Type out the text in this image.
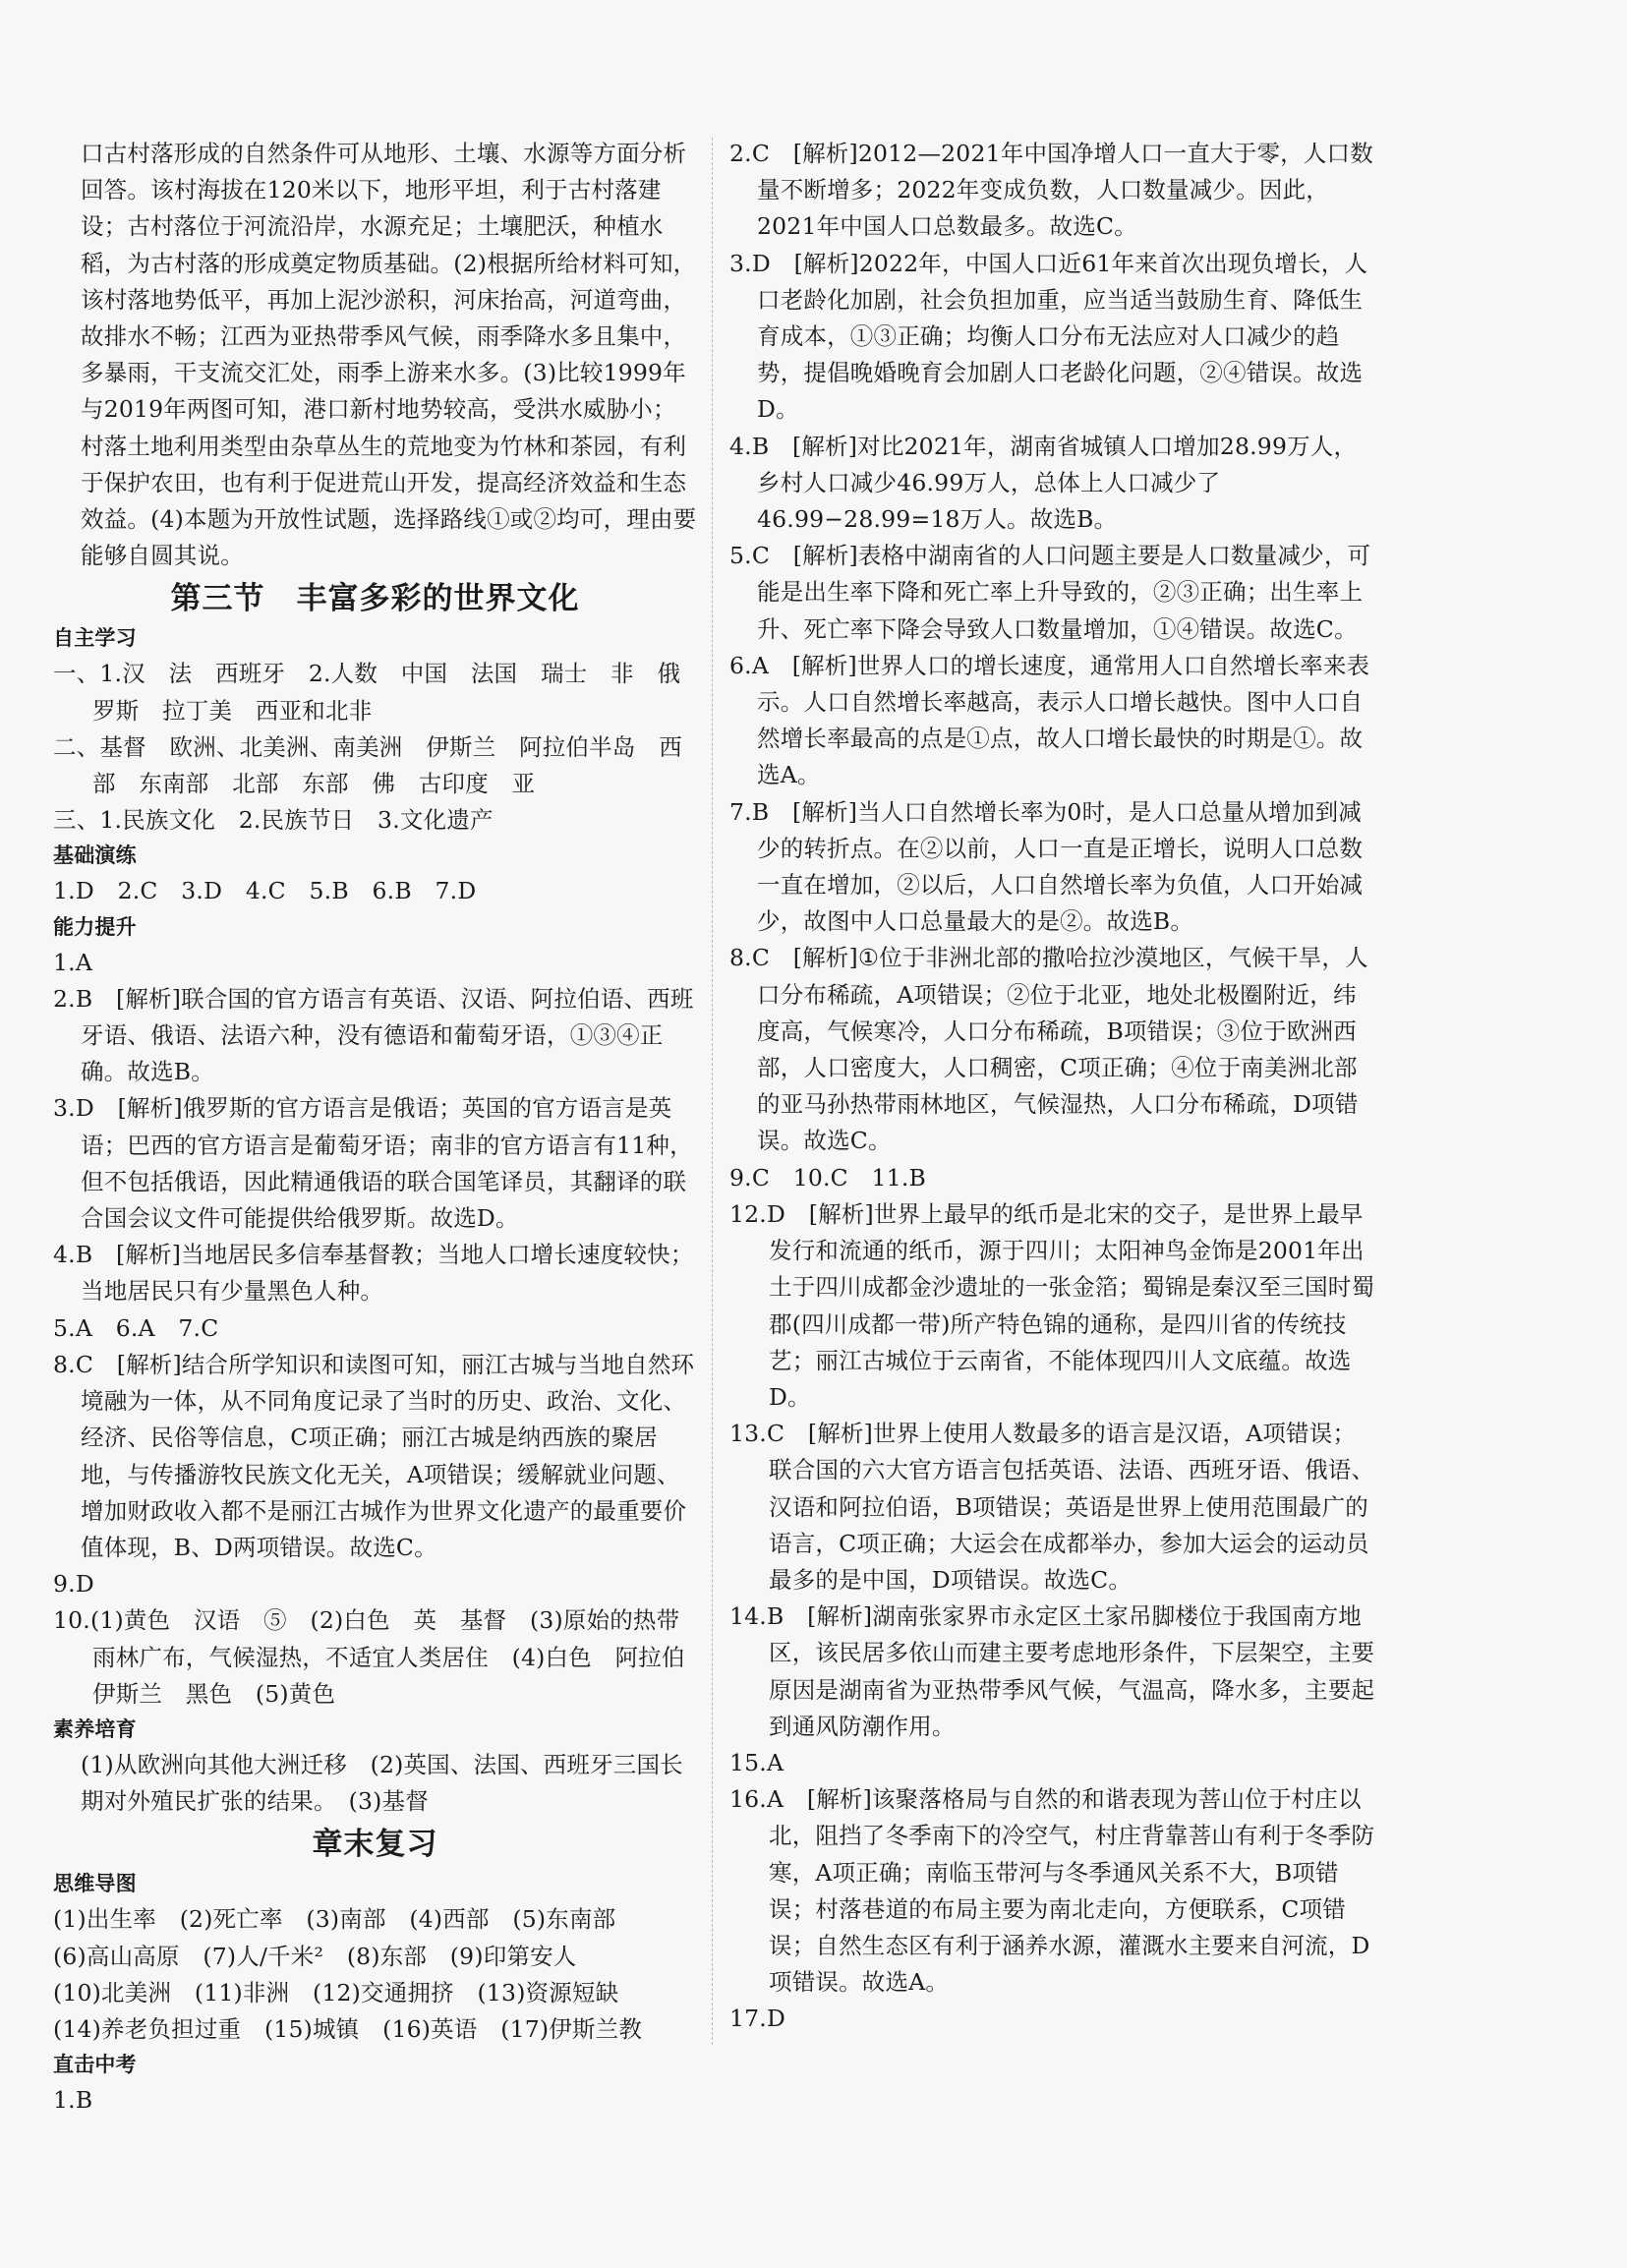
口古村落形成的自然条件可从地形、土壤、水源等方面分析回答。该村海拔在120米以下，地形平坦，利于古村落建设；古村落位于河流沿岸，水源充足；土壤肥沃，种植水稻，为古村落的形成奠定物质基础。(2)根据所给材料可知，该村落地势低平，再加上泥沙淤积，河床抬高，河道弯曲，故排水不畅；江西为亚热带季风气候，雨季降水多且集中，多暴雨，干支流交汇处，雨季上游来水多。(3)比较1999年与2019年两图可知，港口新村地势较高，受洪水威胁小；村落土地利用类型由杂草丛生的荒地变为竹林和茶园，有利于保护农田，也有利于促进荒山开发，提高经济效益和生态效益。(4)本题为开放性试题，选择路线①或②均可，理由要能够自圆其说。

第三节　丰富多彩的世界文化

自主学习

一、1.汉　法　西班牙　2.人数　中国　法国　瑞士　非　俄罗斯　拉丁美　西亚和北非

二、基督　欧洲、北美洲、南美洲　伊斯兰　阿拉伯半岛　西部　东南部　北部　东部　佛　古印度　亚

三、1.民族文化　2.民族节日　3.文化遗产

基础演练

1.D　2.C　3.D　4.C　5.B　6.B　7.D

能力提升

1.A

2.B　[解析]联合国的官方语言有英语、汉语、阿拉伯语、西班牙语、俄语、法语六种，没有德语和葡萄牙语，①③④正确。故选B。

3.D　[解析]俄罗斯的官方语言是俄语；英国的官方语言是英语；巴西的官方语言是葡萄牙语；南非的官方语言有11种，但不包括俄语，因此精通俄语的联合国笔译员，其翻译的联合国会议文件可能提供给俄罗斯。故选D。

4.B　[解析]当地居民多信奉基督教；当地人口增长速度较快；当地居民只有少量黑色人种。

5.A　6.A　7.C

8.C　[解析]结合所学知识和读图可知，丽江古城与当地自然环境融为一体，从不同角度记录了当时的历史、政治、文化、经济、民俗等信息，C项正确；丽江古城是纳西族的聚居地，与传播游牧民族文化无关，A项错误；缓解就业问题、增加财政收入都不是丽江古城作为世界文化遗产的最重要价值体现，B、D两项错误。故选C。

9.D

10.(1)黄色　汉语　⑤　(2)白色　英　基督　(3)原始的热带雨林广布，气候湿热，不适宜人类居住　(4)白色　阿拉伯　伊斯兰　黑色　(5)黄色

素养培育

(1)从欧洲向其他大洲迁移　(2)英国、法国、西班牙三国长期对外殖民扩张的结果。　(3)基督

章末复习

思维导图

(1)出生率　(2)死亡率　(3)南部　(4)西部　(5)东南部

(6)高山高原　(7)人/千米²　(8)东部　(9)印第安人

(10)北美洲　(11)非洲　(12)交通拥挤　(13)资源短缺

(14)养老负担过重　(15)城镇　(16)英语　(17)伊斯兰教

直击中考

1.B

2.C　[解析]2012—2021年中国净增人口一直大于零，人口数量不断增多；2022年变成负数，人口数量减少。因此，2021年中国人口总数最多。故选C。

3.D　[解析]2022年，中国人口近61年来首次出现负增长，人口老龄化加剧，社会负担加重，应当适当鼓励生育、降低生育成本，①③正确；均衡人口分布无法应对人口减少的趋势，提倡晚婚晚育会加剧人口老龄化问题，②④错误。故选D。

4.B　[解析]对比2021年，湖南省城镇人口增加28.99万人，乡村人口减少46.99万人，总体上人口减少了46.99−28.99=18万人。故选B。

5.C　[解析]表格中湖南省的人口问题主要是人口数量减少，可能是出生率下降和死亡率上升导致的，②③正确；出生率上升、死亡率下降会导致人口数量增加，①④错误。故选C。

6.A　[解析]世界人口的增长速度，通常用人口自然增长率来表示。人口自然增长率越高，表示人口增长越快。图中人口自然增长率最高的点是①点，故人口增长最快的时期是①。故选A。

7.B　[解析]当人口自然增长率为0时，是人口总量从增加到减少的转折点。在②以前，人口一直是正增长，说明人口总数一直在增加，②以后，人口自然增长率为负值，人口开始减少，故图中人口总量最大的是②。故选B。

8.C　[解析]①位于非洲北部的撒哈拉沙漠地区，气候干旱，人口分布稀疏，A项错误；②位于北亚，地处北极圈附近，纬度高，气候寒冷，人口分布稀疏，B项错误；③位于欧洲西部，人口密度大，人口稠密，C项正确；④位于南美洲北部的亚马孙热带雨林地区，气候湿热，人口分布稀疏，D项错误。故选C。

9.C　10.C　11.B

12.D　[解析]世界上最早的纸币是北宋的交子，是世界上最早发行和流通的纸币，源于四川；太阳神鸟金饰是2001年出土于四川成都金沙遗址的一张金箔；蜀锦是秦汉至三国时蜀郡(四川成都一带)所产特色锦的通称，是四川省的传统技艺；丽江古城位于云南省，不能体现四川人文底蕴。故选D。

13.C　[解析]世界上使用人数最多的语言是汉语，A项错误；联合国的六大官方语言包括英语、法语、西班牙语、俄语、汉语和阿拉伯语，B项错误；英语是世界上使用范围最广的语言，C项正确；大运会在成都举办，参加大运会的运动员最多的是中国，D项错误。故选C。

14.B　[解析]湖南张家界市永定区土家吊脚楼位于我国南方地区，该民居多依山而建主要考虑地形条件，下层架空，主要原因是湖南省为亚热带季风气候，气温高，降水多，主要起到通风防潮作用。

15.A

16.A　[解析]该聚落格局与自然的和谐表现为菩山位于村庄以北，阻挡了冬季南下的冷空气，村庄背靠菩山有利于冬季防寒，A项正确；南临玉带河与冬季通风关系不大，B项错误；村落巷道的布局主要为南北走向，方便联系，C项错误；自然生态区有利于涵养水源，灌溉水主要来自河流，D项错误。故选A。

17.D
